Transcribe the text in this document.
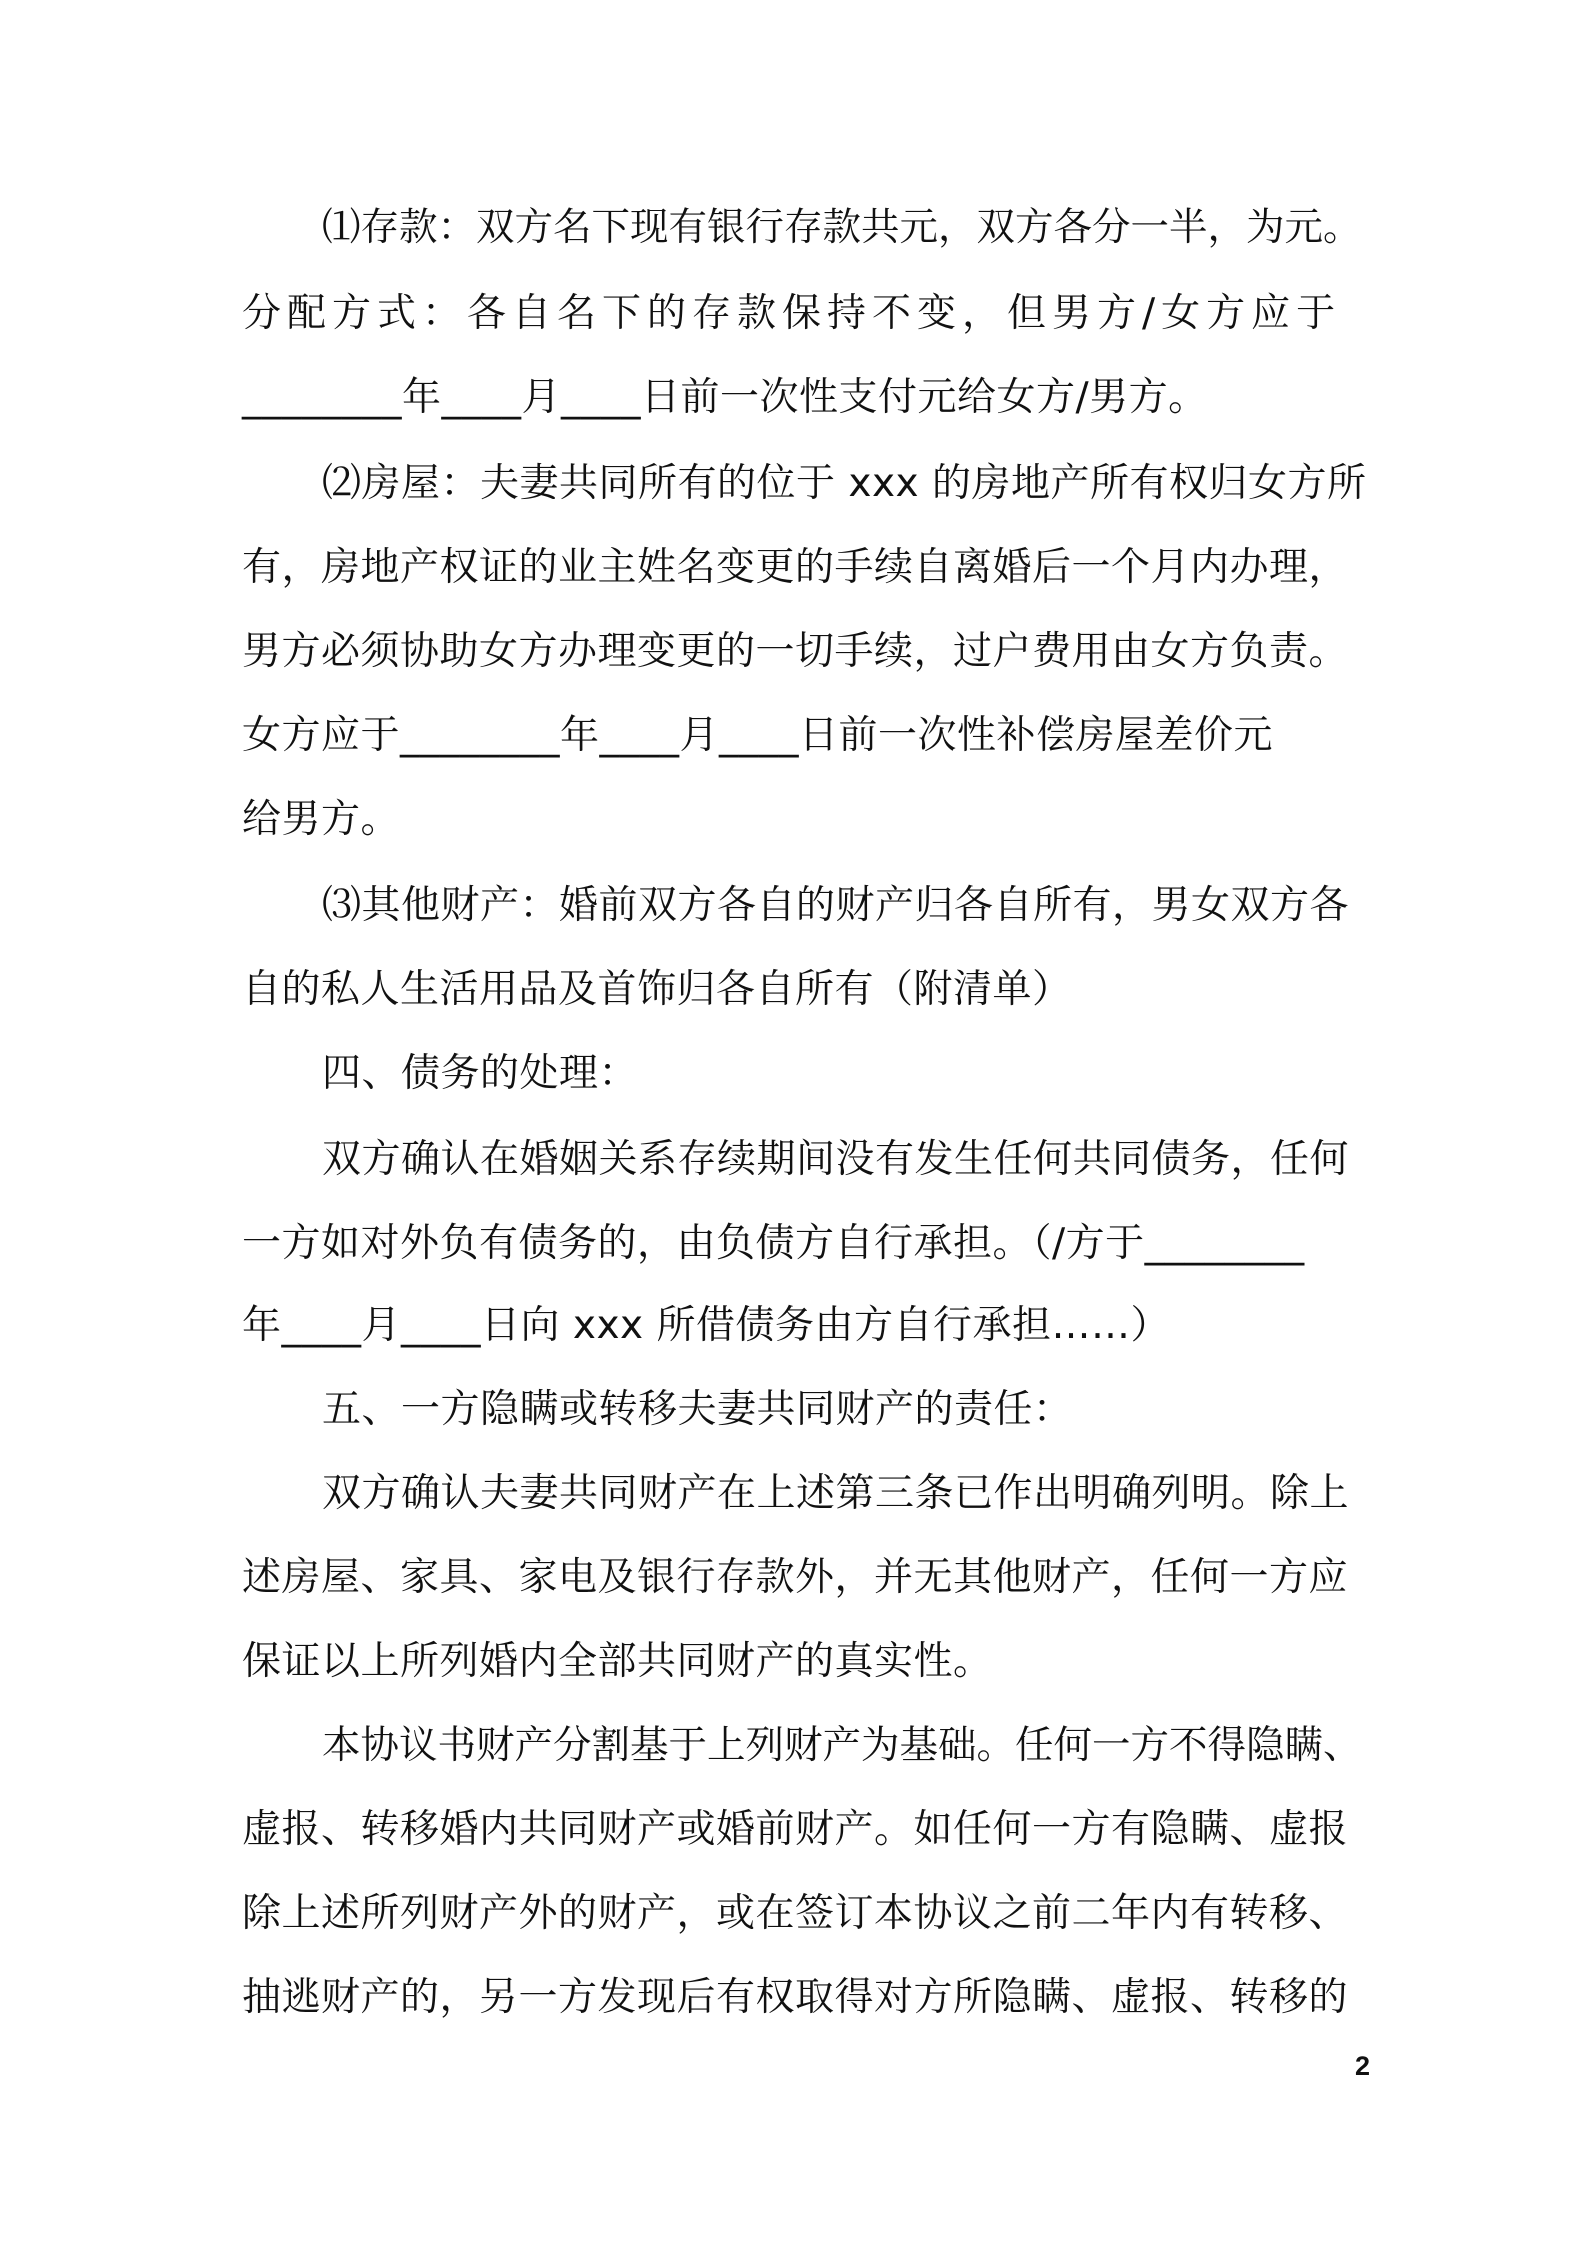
⑴存款：双方名下现有银行存款共元，双方各分一半，为元。
分配方式：各自名下的存款保持不变，但男方/女方应于
________年____月____日前一次性支付元给女方/男方。
⑵房屋：夫妻共同所有的位于 xxx 的房地产所有权归女方所
有，房地产权证的业主姓名变更的手续自离婚后一个月内办理，
男方必须协助女方办理变更的一切手续，过户费用由女方负责。
女方应于________年____月____日前一次性补偿房屋差价元
给男方。
⑶其他财产：婚前双方各自的财产归各自所有，男女双方各
自的私人生活用品及首饰归各自所有（附清单）
四、债务的处理：
双方确认在婚姻关系存续期间没有发生任何共同债务，任何
一方如对外负有债务的，由负债方自行承担。（/方于________
年____月____日向 xxx 所借债务由方自行承担……）
五、一方隐瞒或转移夫妻共同财产的责任：
双方确认夫妻共同财产在上述第三条已作出明确列明。除上
述房屋、家具、家电及银行存款外，并无其他财产，任何一方应
保证以上所列婚内全部共同财产的真实性。
本协议书财产分割基于上列财产为基础。任何一方不得隐瞒、
虚报、转移婚内共同财产或婚前财产。如任何一方有隐瞒、虚报
除上述所列财产外的财产，或在签订本协议之前二年内有转移、
抽逃财产的，另一方发现后有权取得对方所隐瞒、虚报、转移的
2
